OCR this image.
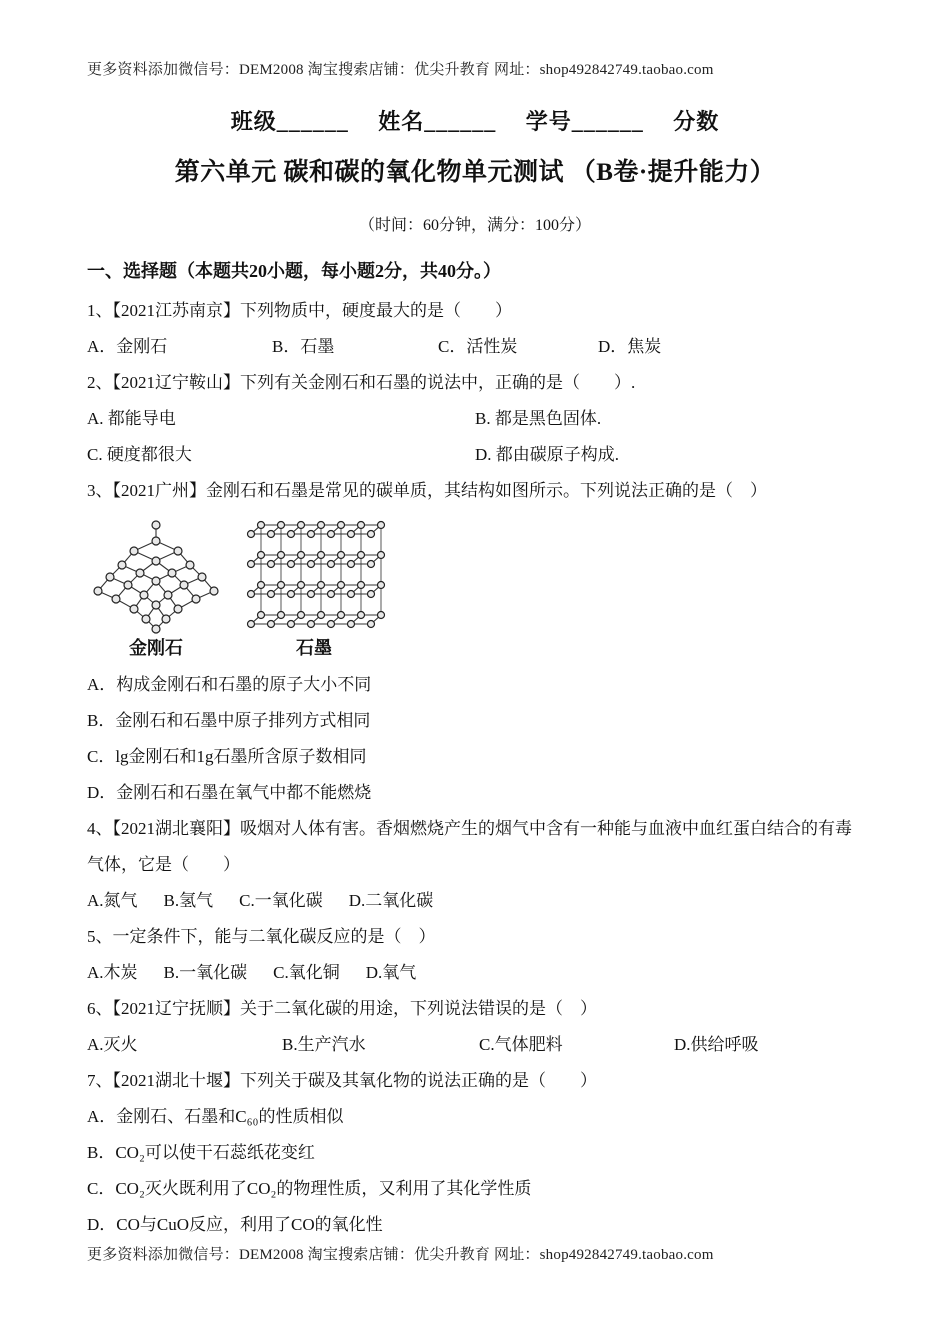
更多资料添加微信号：DEM2008 淘宝搜索店铺：优尖升教育 网址：shop492842749.taobao.com
班级______　 姓名______　 学号______　 分数
第六单元 碳和碳的氧化物单元测试 （B卷·提升能力）
（时间：60分钟，满分：100分）
一、选择题（本题共20小题，每小题2分，共40分。）
1、【2021江苏南京】下列物质中，硬度最大的是（　　）
A．金刚石	B．石墨	C．活性炭	D．焦炭
2、【2021辽宁鞍山】下列有关金刚石和石墨的说法中，正确的是（　　）.
A. 都能导电	B. 都是黑色固体.
C. 硬度都很大	D. 都由碳原子构成.
3、【2021广州】金刚石和石墨是常见的碳单质，其结构如图所示。下列说法正确的是（　）
金刚石	石墨
A．构成金刚石和石墨的原子大小不同
B．金刚石和石墨中原子排列方式相同
C．lg金刚石和1g石墨所含原子数相同
D．金刚石和石墨在氧气中都不能燃烧
4、【2021湖北襄阳】吸烟对人体有害。香烟燃烧产生的烟气中含有一种能与血液中血红蛋白结合的有毒气体，它是（　　）
A.氮气 B.氢气 C.一氧化碳 D.二氧化碳
5、一定条件下，能与二氧化碳反应的是（　）
A.木炭 B.一氧化碳 C.氧化铜 D.氧气
6、【2021辽宁抚顺】关于二氧化碳的用途，下列说法错误的是（　）
A.灭火	B.生产汽水	C.气体肥料	D.供给呼吸
7、【2021湖北十堰】下列关于碳及其氧化物的说法正确的是（　　）
A．金刚石、石墨和C₆₀的性质相似
B．CO₂可以使干石蕊纸花变红
C．CO₂灭火既利用了CO₂的物理性质，又利用了其化学性质
D．CO与CuO反应，利用了CO的氧化性
更多资料添加微信号：DEM2008 淘宝搜索店铺：优尖升教育 网址：shop492842749.taobao.com
